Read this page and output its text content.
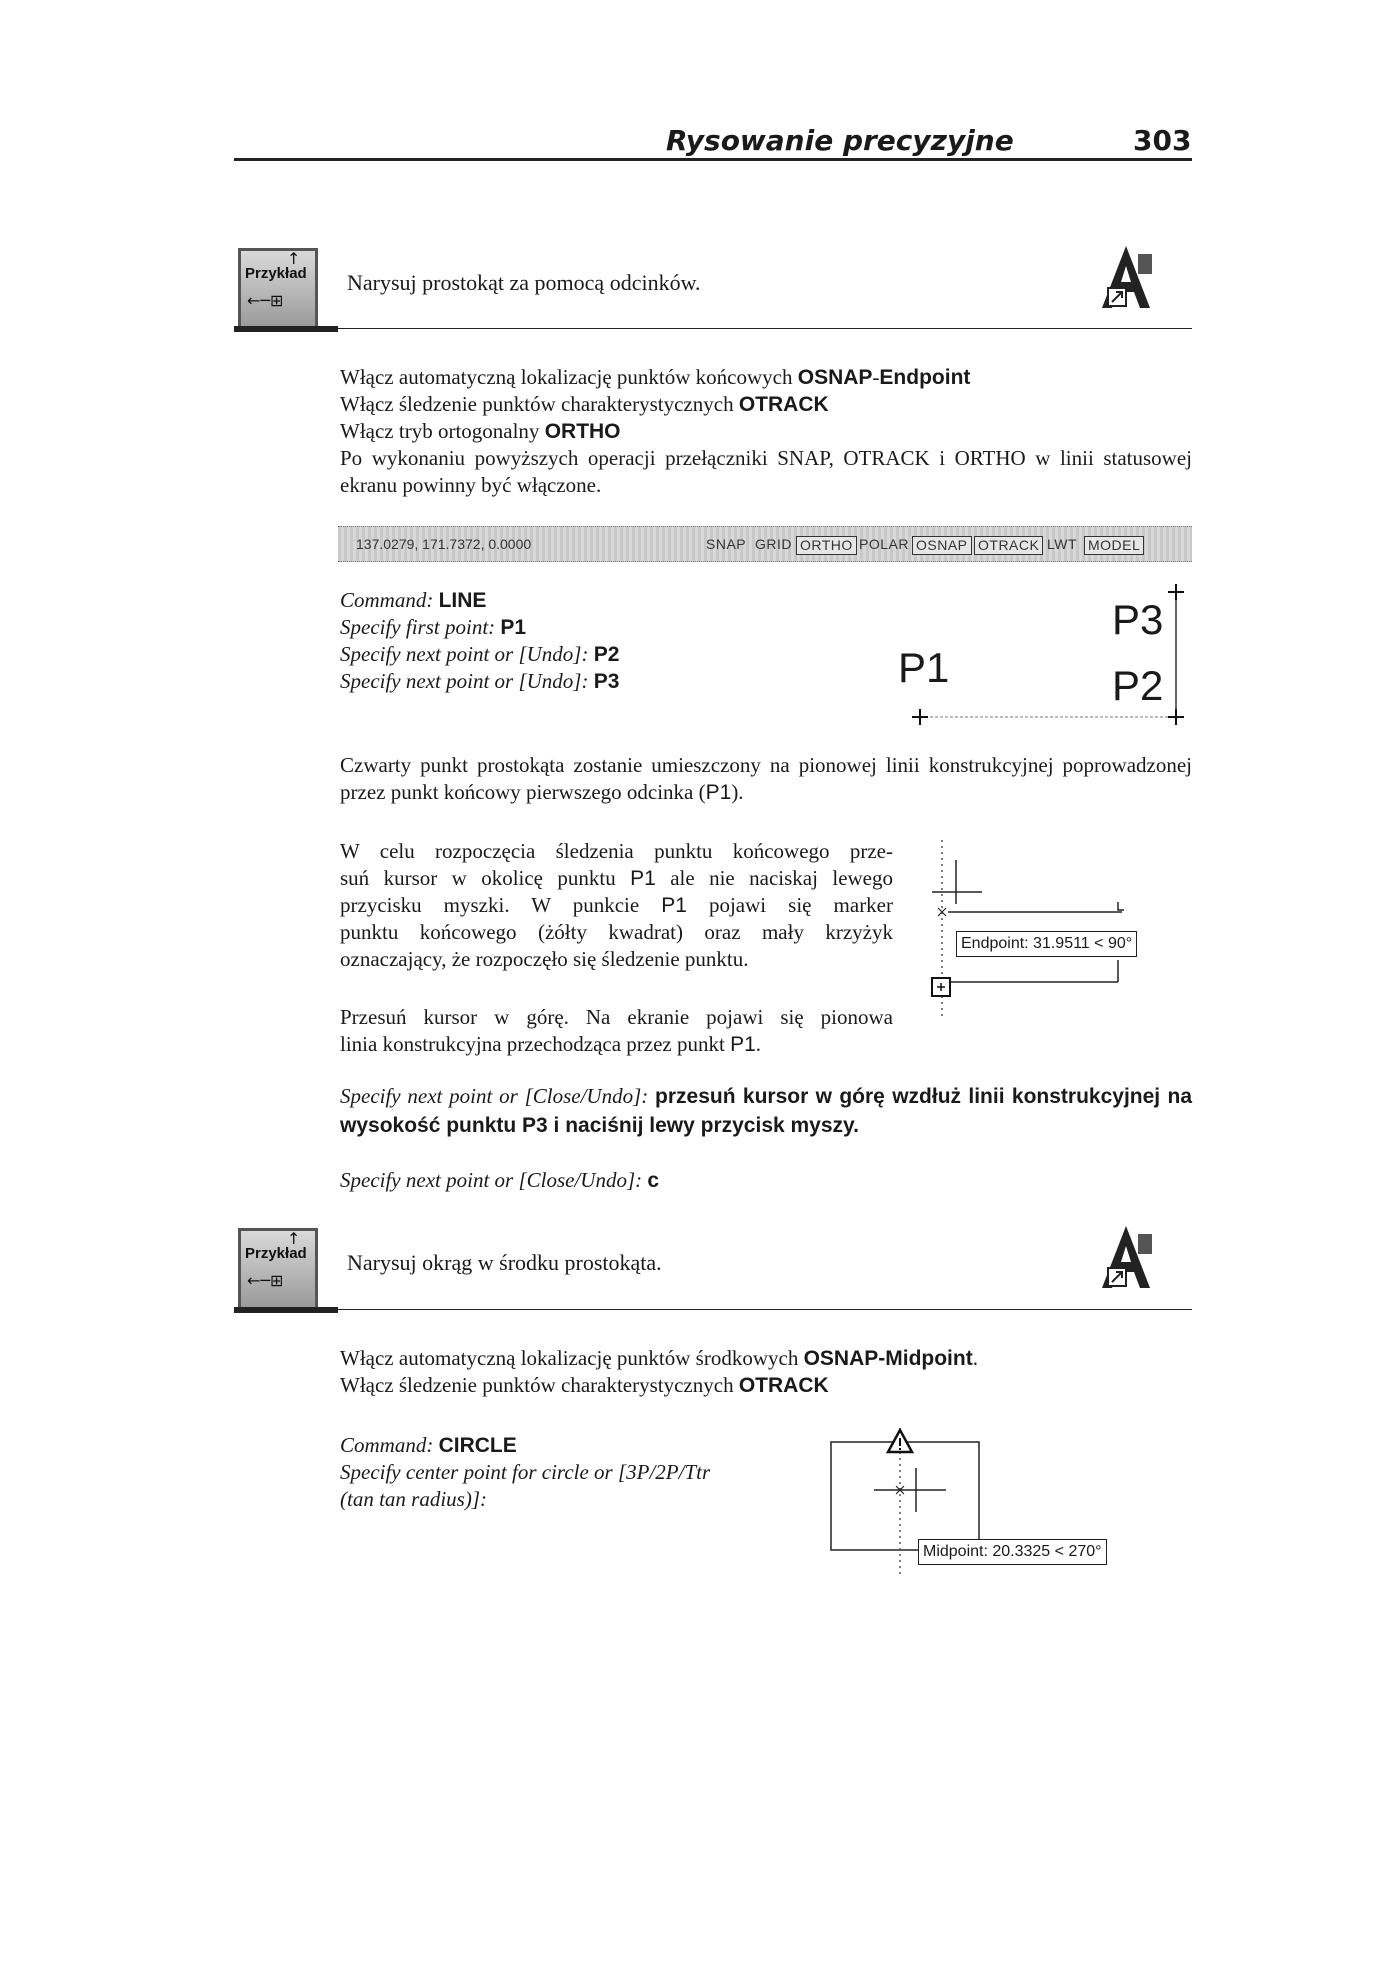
Rysowanie precyzyjne	303
Przykład
↑
←─⊞
Narysuj prostokąt za pomocą odcinków.

Włącz automatyczną lokalizację punktów końcowych OSNAP-Endpoint

Włącz śledzenie punktów charakterystycznych OTRACK

Włącz tryb ortogonalny ORTHO

Po wykonaniu powyższych operacji przełączniki SNAP, OTRACK i ORTHO w linii statusowej ekranu powinny być włączone.

137.0279, 171.7372, 0.0000	SNAP GRID ORTHO POLAR OSNAP OTRACK LWT MODEL

Command: LINE

Specify first point: P1

Specify next point or [Undo]: P2

Specify next point or [Undo]: P3	P1	P2
P3
Czwarty punkt prostokąta zostanie umieszczony na pionowej linii konstrukcyjnej poprowadzonej przez punkt końcowy pierwszego odcinka (P1).

W celu rozpoczęcia śledzenia punktu końcowego prze-

suń kursor w okolicę punktu P1 ale nie naciskaj lewego

przycisku myszki. W punkcie P1 pojawi się marker

punktu końcowego (żółty kwadrat) oraz mały krzyżyk

oznaczający, że rozpoczęło się śledzenie punktu.

Przesuń kursor w górę. Na ekranie pojawi się pionowa

linia konstrukcyjna przechodząca przez punkt P1.

Endpoint: 31.9511 < 90°
Specify next point or [Close/Undo]: przesuń kursor w górę wzdłuż linii konstrukcyjnej na wysokość punktu P3 i naciśnij lewy przycisk myszy.
Specify next point or [Close/Undo]: c
Przykład
↑
←─⊞
Narysuj okrąg w środku prostokąta.

Włącz automatyczną lokalizację punktów środkowych OSNAP-Midpoint.

Włącz śledzenie punktów charakterystycznych OTRACK

Command: CIRCLE

Specify center point for circle or [3P/2P/Ttr

(tan tan radius)]:

Midpoint: 20.3325 < 270°
